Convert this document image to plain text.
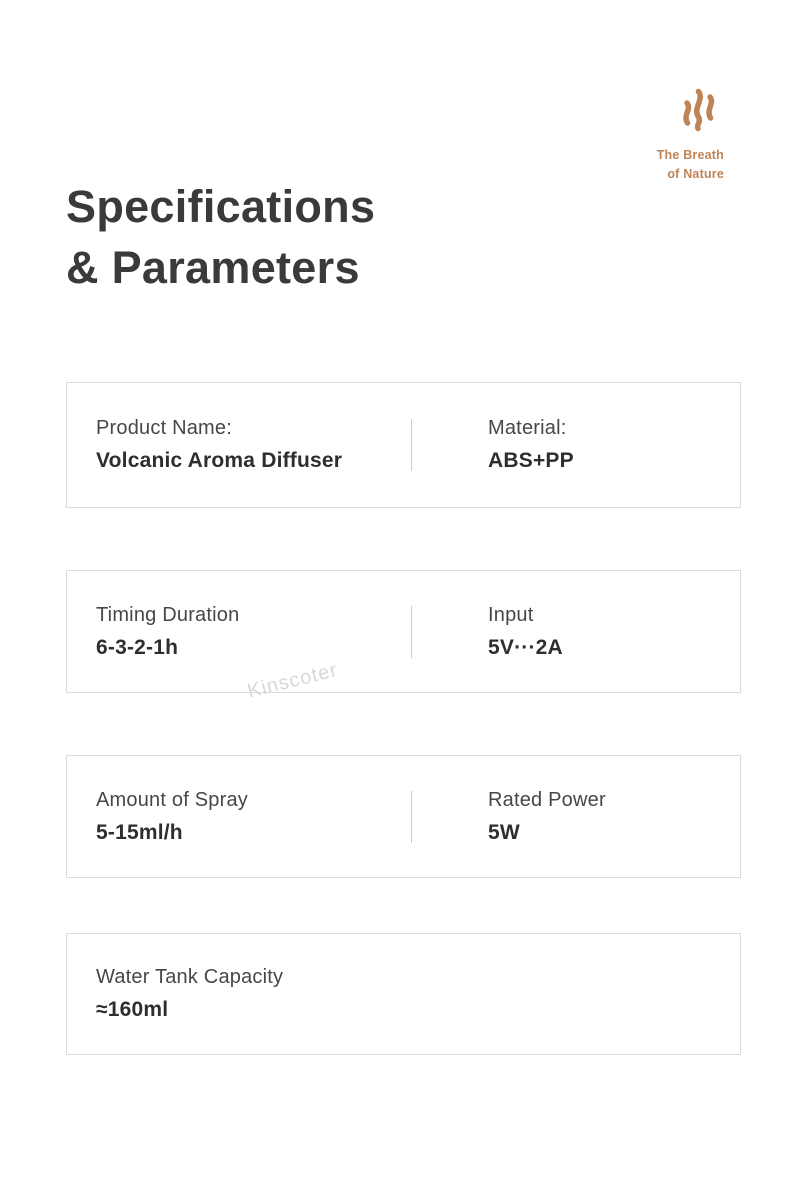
The Breath
of Nature
Specifications
& Parameters
Product Name:
Volcanic Aroma Diffuser
Material:
ABS+PP
Timing Duration
6-3-2-1h
Input
5V···2A
Amount of Spray
5-15ml/h
Rated Power
5W
Water Tank Capacity
≈160ml
Kinscoter
